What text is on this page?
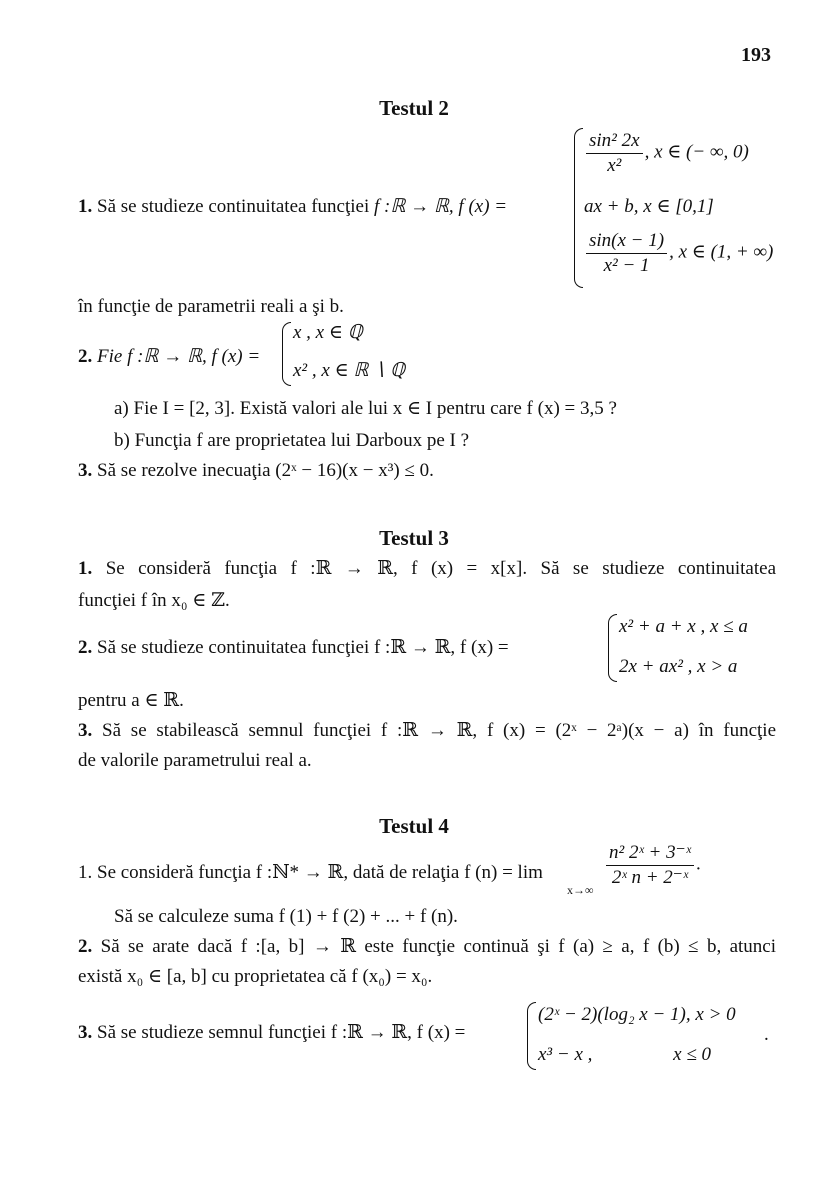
193
Testul 2
1. Să se studieze continuitatea funcţiei f :ℝ → ℝ, f (x) =
$\frac{\text{sin² 2x}}{\text{x²}}$ , x ∈ (− ∞, 0)
ax + b, x ∈ [0,1]
$\frac{\sin(x - 1)}{\text{x² − 1}}$ , x ∈ (1, + ∞)
în funcţie de parametrii reali a şi b.
2. Fie f :ℝ → ℝ, f (x) =
x , x ∈ ℚ
x² , x ∈ ℝ ∖ ℚ
a) Fie I = [2, 3]. Există valori ale lui x ∈ I pentru care f (x) = 3,5 ?
b) Funcţia f are proprietatea lui Darboux pe I ?
3. Să se rezolve inecuaţia (2ˣ − 16)(x − x³) ≤ 0.
Testul 3
1. Se consideră funcţia f :ℝ → ℝ, f (x) = x[x]. Să se studieze continuitatea
funcţiei f în x₀ ∈ ℤ.
2. Să se studieze continuitatea funcţiei f :ℝ → ℝ, f (x) =
x² + a + x , x ≤ a
2x + ax² , x > a
pentru a ∈ ℝ.
3. Să se stabilească semnul funcţiei f :ℝ → ℝ, f (x) = (2ˣ − 2ᵃ)(x − a) în funcţie
de valorile parametrului real a.
Testul 4
1. Se consideră funcţia f :ℕ* → ℝ, dată de relaţia f (n) = lim
x→∞
$\frac{\text{n² 2ˣ + 3⁻ˣ}}{\text{2ˣ n + 2⁻ˣ}}$ .
Să se calculeze suma f (1) + f (2) + ... + f (n).
2. Să se arate dacă f :[a, b] → ℝ este funcţie continuă şi f (a) ≥ a, f (b) ≤ b, atunci
există x₀ ∈ [a, b] cu proprietatea că f (x₀) = x₀.
3. Să se studieze semnul funcţiei f :ℝ → ℝ, f (x) =
(2ˣ − 2)(log₂ x − 1), x > 0
x³ − x ,                 x ≤ 0
.
